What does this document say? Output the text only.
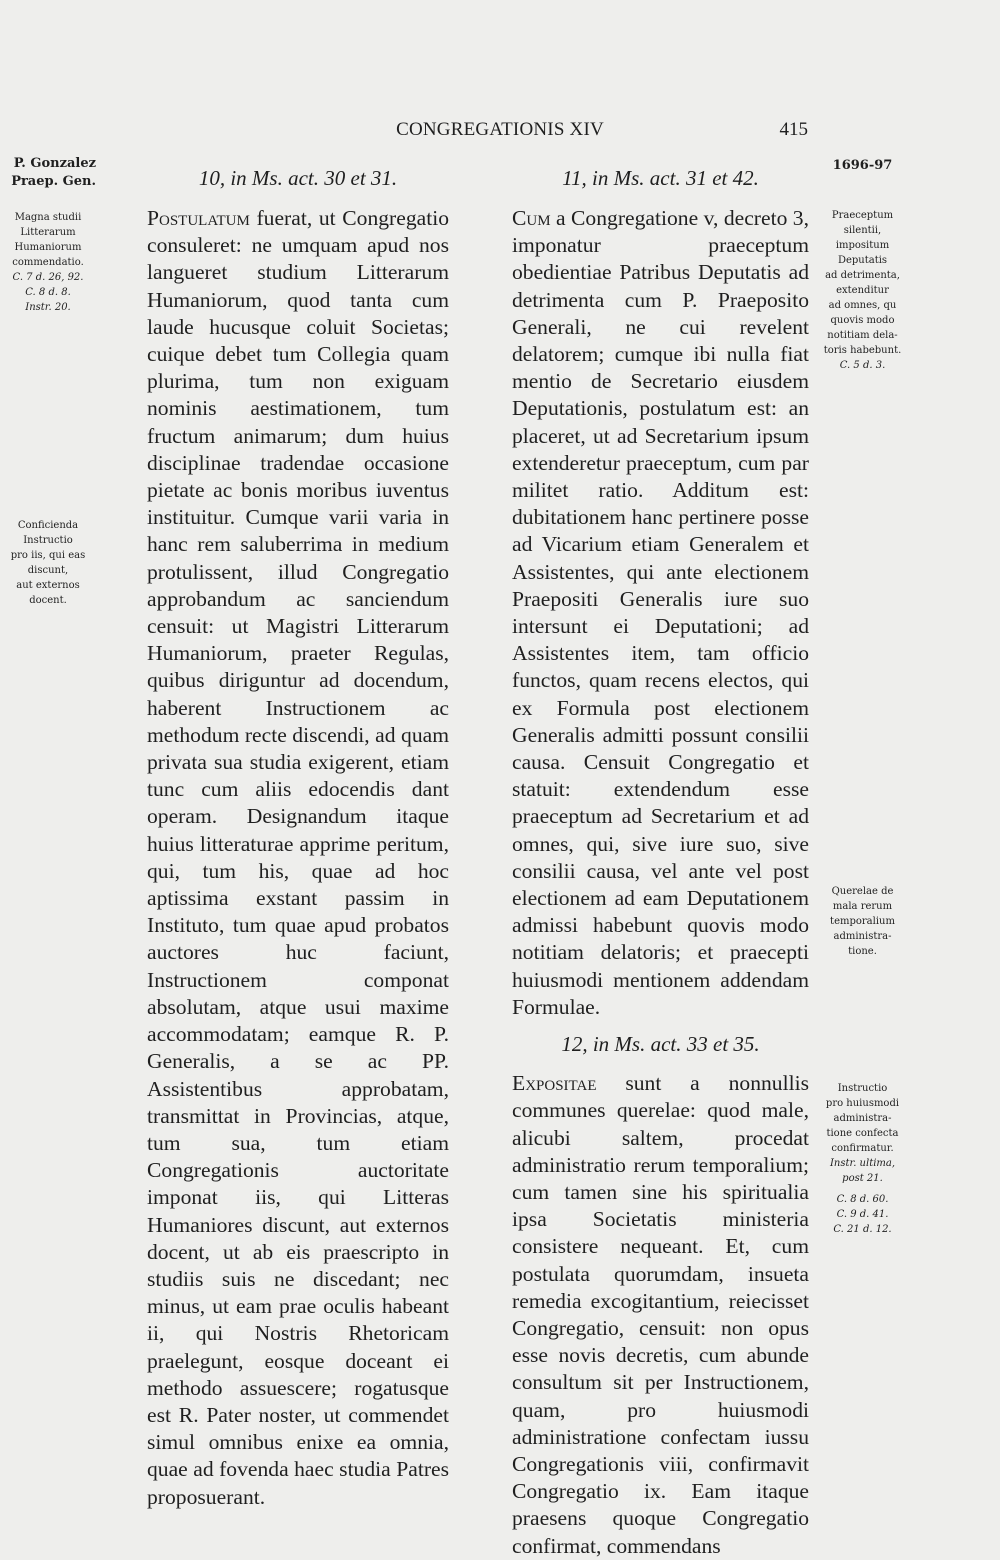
CONGREGATIONIS XIV	415
P. Gonzalez
Praep. Gen.
1696-97

Magna studii

Litterarum

Humaniorum

commendatio.

C. 7 d. 26, 92.

C. 8 d. 8.

Instr. 20.

Conficienda

Instructio

pro iis, qui eas

discunt,

aut externos

docent.

Praeceptum

silentii,

impositum

Deputatis

ad detrimenta,

extenditur

ad omnes, qu

quovis modo

notitiam dela-

toris habebunt.

C. 5 d. 3.

Querelae de

mala rerum

temporalium

administra-

tione.

Instructio

pro huiusmodi

administra-

tione confecta

confirmatur.

Instr. ultima,

post 21.

C. 8 d. 60.

C. 9 d. 41.

C. 21 d. 12.

10, in Ms. act. 30 et 31.

Postulatum fuerat, ut Congregatio consuleret: ne umquam apud nos langueret studium Litterarum Humaniorum, quod tanta cum laude hucusque coluit Societas; cuique debet tum Collegia quam plurima, tum non exiguam nominis aestimationem, tum fructum animarum; dum huius disciplinae tradendae occasione pietate ac bonis moribus iuventus instituitur. Cumque varii varia in hanc rem saluberrima in medium protulissent, illud Congregatio approbandum ac sanciendum censuit: ut Magistri Litterarum Humaniorum, praeter Regulas, quibus diriguntur ad docendum, haberent Instructionem ac methodum recte discendi, ad quam privata sua studia exigerent, etiam tunc cum aliis edocendis dant operam. Designandum itaque huius litteraturae apprime peritum, qui, tum his, quae ad hoc aptissima exstant passim in Instituto, tum quae apud probatos auctores huc faciunt, Instructionem componat absolutam, atque usui maxime accommodatam; eamque R. P. Generalis, a se ac PP. Assistentibus approbatam, transmittat in Provincias, atque, tum sua, tum etiam Congregationis auctoritate imponat iis, qui Litteras Humaniores discunt, aut externos docent, ut ab eis praescripto in studiis suis ne discedant; nec minus, ut eam prae oculis habeant ii, qui Nostris Rhetoricam praelegunt, eosque doceant ei methodo assuescere; rogatusque est R. Pater noster, ut commendet simul omnibus enixe ea omnia, quae ad fovenda haec studia Patres proposuerant.

11, in Ms. act. 31 et 42.

Cum a Congregatione v, decreto 3, imponatur praeceptum obedientiae Patribus Deputatis ad detrimenta cum P. Praeposito Generali, ne cui revelent delatorem; cumque ibi nulla fiat mentio de Secretario eiusdem Deputationis, postulatum est: an placeret, ut ad Secretarium ipsum extenderetur praeceptum, cum par militet ratio. Additum est: dubitationem hanc pertinere posse ad Vicarium etiam Generalem et Assistentes, qui ante electionem Praepositi Generalis iure suo intersunt ei Deputationi; ad Assistentes item, tam officio functos, quam recens electos, qui ex Formula post electionem Generalis admitti possunt consilii causa. Censuit Congregatio et statuit: extendendum esse praeceptum ad Secretarium et ad omnes, qui, sive iure suo, sive consilii causa, vel ante vel post electionem ad eam Deputationem admissi habebunt quovis modo notitiam delatoris; et praecepti huiusmodi mentionem addendam Formulae.

12, in Ms. act. 33 et 35.

Expositae sunt a nonnullis communes querelae: quod male, alicubi saltem, procedat administratio rerum temporalium; cum tamen sine his spiritualia ipsa Societatis ministeria consistere nequeant. Et, cum postulata quorumdam, insueta remedia excogitantium, reiecisset Congregatio, censuit: non opus esse novis decretis, cum abunde consultum sit per Instructionem, quam, pro huiusmodi administratione confectam iussu Congregationis viii, confirmavit Congregatio ix. Eam itaque praesens quoque Congregatio confirmat, commendans
